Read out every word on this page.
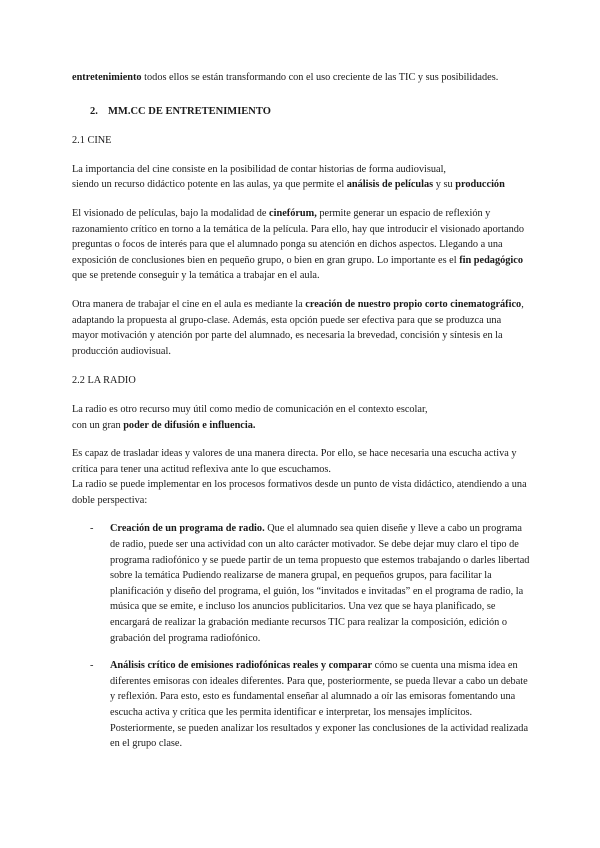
entretenimiento todos ellos se están transformando con el uso creciente de las TIC y sus posibilidades.

2. MM.CC DE ENTRETENIMIENTO

2.1 CINE

La importancia del cine consiste en la posibilidad de contar historias de forma audiovisual,
siendo un recurso didáctico potente en las aulas, ya que permite el análisis de películas y su producción

El visionado de películas, bajo la modalidad de cinefórum, permite generar un espacio de reflexión y razonamiento crítico en torno a la temática de la película. Para ello, hay que introducir el visionado aportando preguntas o focos de interés para que el alumnado ponga su atención en dichos aspectos. Llegando a una exposición de conclusiones bien en pequeño grupo, o bien en gran grupo. Lo importante es el fin pedagógico que se pretende conseguir y la temática a trabajar en el aula.

Otra manera de trabajar el cine en el aula es mediante la creación de nuestro propio corto cinematográfico, adaptando la propuesta al grupo-clase. Además, esta opción puede ser efectiva para que se produzca una mayor motivación y atención por parte del alumnado, es necesaria la brevedad, concisión y síntesis en la producción audiovisual.

2.2 LA RADIO

La radio es otro recurso muy útil como medio de comunicación en el contexto escolar,
con un gran poder de difusión e influencia.

Es capaz de trasladar ideas y valores de una manera directa. Por ello, se hace necesaria una escucha activa y crítica para tener una actitud reflexiva ante lo que escuchamos.
La radio se puede implementar en los procesos formativos desde un punto de vista didáctico, atendiendo a una doble perspectiva:

-	Creación de un programa de radio. Que el alumnado sea quien diseñe y lleve a cabo un programa de radio, puede ser una actividad con un alto carácter motivador. Se debe dejar muy claro el tipo de programa radiofónico y se puede partir de un tema propuesto que estemos trabajando o darles libertad sobre la temática Pudiendo realizarse de manera grupal, en pequeños grupos, para facilitar la planificación y diseño del programa, el guión, los “invitados e invitadas” en el programa de radio, la música que se emite, e incluso los anuncios publicitarios. Una vez que se haya planificado, se encargará de realizar la grabación mediante recursos TIC para realizar la composición, edición o grabación del programa radiofónico.

-	Análisis crítico de emisiones radiofónicas reales y comparar cómo se cuenta una misma idea en diferentes emisoras con ideales diferentes. Para que, posteriormente, se pueda llevar a cabo un debate y reflexión. Para esto, esto es fundamental enseñar al alumnado a oír las emisoras fomentando una escucha activa y crítica que les permita identificar e interpretar, los mensajes implícitos. Posteriormente, se pueden analizar los resultados y exponer las conclusiones de la actividad realizada en el grupo clase.
